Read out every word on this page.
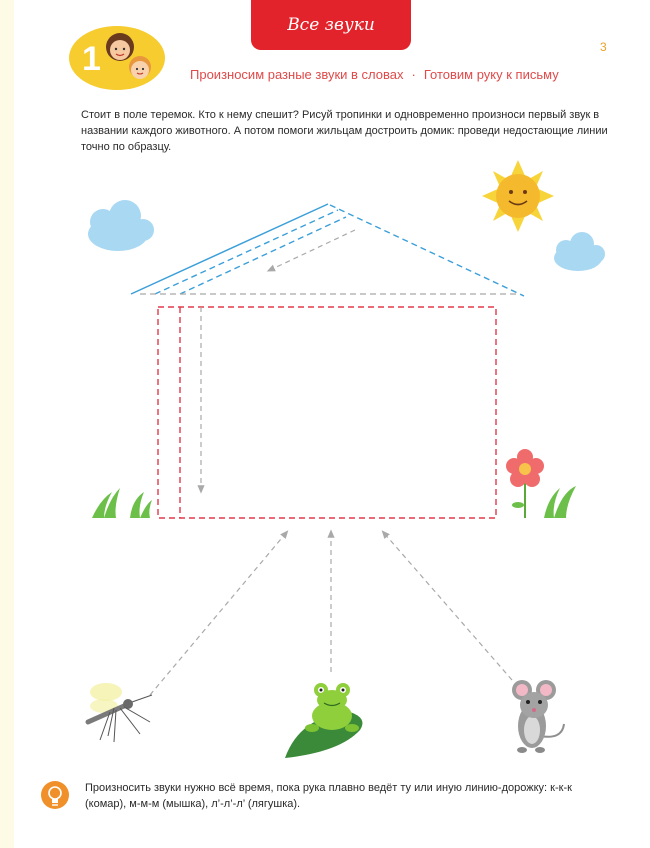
Все звуки
3
1	Произносим разные звуки в словах · Готовим руку к письму
Стоит в поле теремок. Кто к нему спешит? Рисуй тропинки и одновременно произноси первый звук в названии каждого животного. А потом помоги жильцам достроить домик: проведи недостающие линии точно по образцу.
Произносить звуки нужно всё время, пока рука плавно ведёт ту или иную линию-дорожку: к-к-к (комар), м-м-м (мышка), л’-л’-л’ (лягушка).
